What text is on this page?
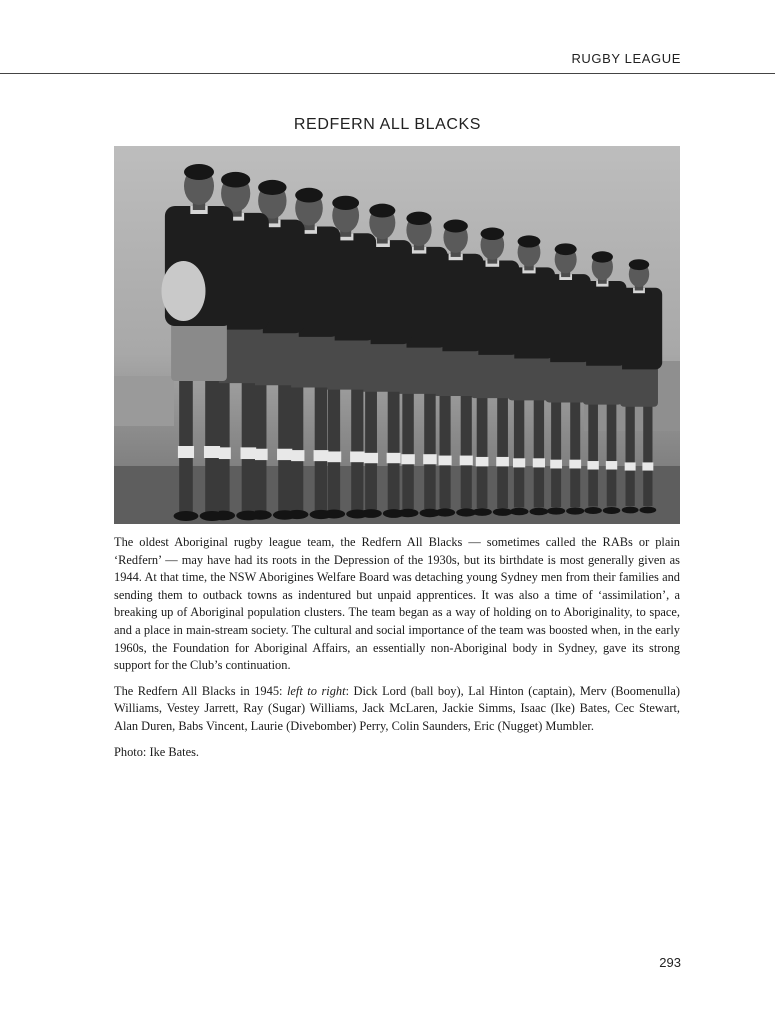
RUGBY LEAGUE
REDFERN ALL BLACKS

The oldest Aboriginal rugby league team, the Redfern All Blacks — sometimes called the RABs or plain ‘Redfern’ — may have had its roots in the Depression of the 1930s, but its birthdate is most generally given as 1944. At that time, the NSW Aborigines Welfare Board was detaching young Sydney men from their families and sending them to outback towns as indentured but unpaid apprentices. It was also a time of ‘assimilation’, a breaking up of Aboriginal population clusters. The team began as a way of holding on to Aboriginality, to space, and a place in main-stream society. The cultural and social importance of the team was boosted when, in the early 1960s, the Foundation for Aboriginal Affairs, an essentially non-Aboriginal body in Sydney, gave its strong support for the Club’s continuation.

The Redfern All Blacks in 1945: left to right: Dick Lord (ball boy), Lal Hinton (captain), Merv (Boomenulla) Williams, Vestey Jarrett, Ray (Sugar) Williams, Jack McLaren, Jackie Simms, Isaac (Ike) Bates, Cec Stewart, Alan Duren, Babs Vincent, Laurie (Divebomber) Perry, Colin Saunders, Eric (Nugget) Mumbler.

Photo: Ike Bates.

293
